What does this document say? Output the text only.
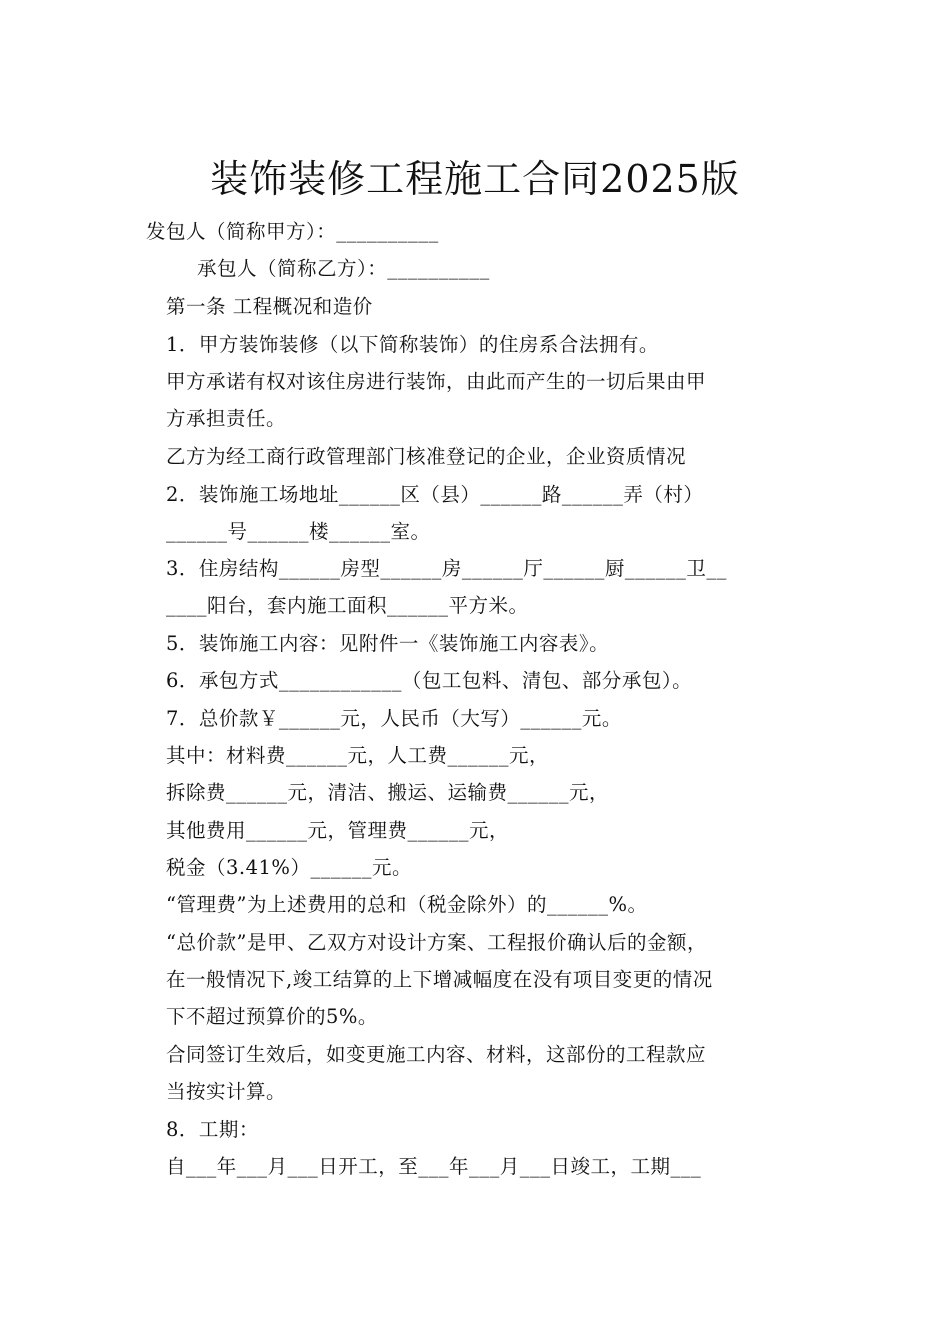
装饰装修工程施工合同2025版
发包人（简称甲方）：__________
承包人（简称乙方）：__________
第一条 工程概况和造价
1．甲方装饰装修（以下简称装饰）的住房系合法拥有。
甲方承诺有权对该住房进行装饰，由此而产生的一切后果由甲
方承担责任。
乙方为经工商行政管理部门核准登记的企业，企业资质情况
2．装饰施工场地址______区（县）______路______弄（村）
______号______楼______室。
3．住房结构______房型______房______厅______厨______卫__
____阳台，套内施工面积______平方米。
5．装饰施工内容：见附件一《装饰施工内容表》。
6．承包方式____________（包工包料、清包、部分承包）。
7．总价款￥______元，人民币（大写）______元。
其中：材料费______元，人工费______元，
拆除费______元，清洁、搬运、运输费______元，
其他费用______元，管理费______元，
税金（3.41%）______元。
“管理费”为上述费用的总和（税金除外）的______%。
“总价款”是甲、乙双方对设计方案、工程报价确认后的金额，
在一般情况下,竣工结算的上下增减幅度在没有项目变更的情况
下不超过预算价的5%。
合同签订生效后，如变更施工内容、材料，这部份的工程款应
当按实计算。
8．工期：
自___年___月___日开工，至___年___月___日竣工，工期___
